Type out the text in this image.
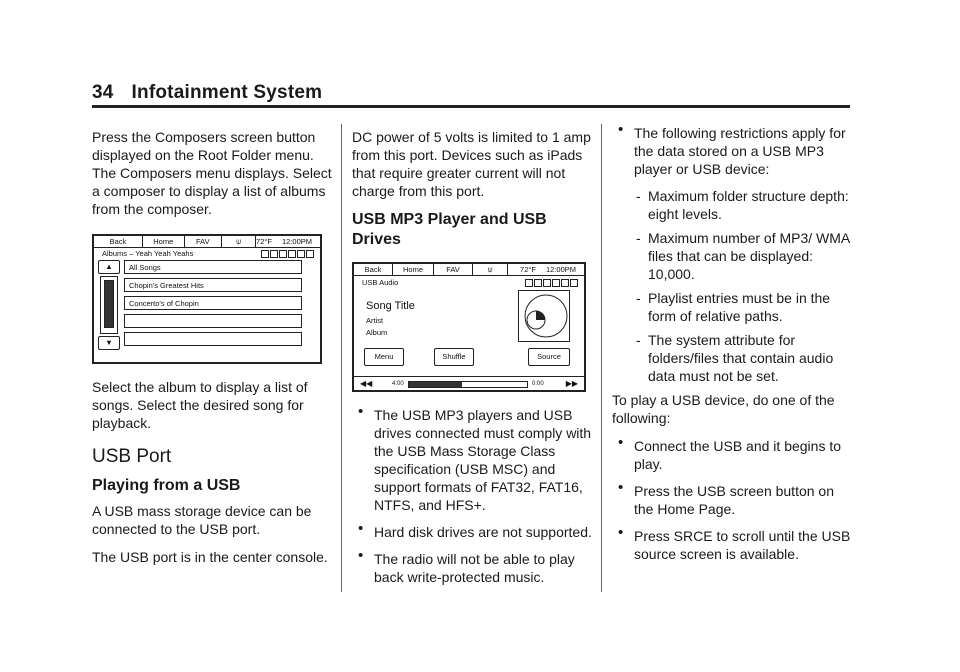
34 Infotainment System

Press the Composers screen button displayed on the Root Folder menu. The Composers menu displays. Select a composer to display a list of albums from the composer.

Back	Home	FAV	⍦	72°F 12:00PM
Albums – Yeah Yeah Yeahs
▲
▼
All Songs
Chopin's Greatest Hits
Concerto's of Chopin

Select the album to display a list of songs. Select the desired song for playback.

USB Port
Playing from a USB

A USB mass storage device can be connected to the USB port.

The USB port is in the center console.

DC power of 5 volts is limited to 1 amp from this port. Devices such as iPads that require greater current will not charge from this port.

USB MP3 Player and USB Drives
Back	Home	FAV	⍦	72°F 12:00PM
USB Audio
Song Title
Artist
Album
Menu	Shuffle	Source
◀◀	4:00	0:00	▶▶
• The USB MP3 players and USB drives connected must comply with the USB Mass Storage Class specification (USB MSC) and support formats of FAT32, FAT16, NTFS, and HFS+.
• Hard disk drives are not supported.
• The radio will not be able to play back write-protected music.
• The following restrictions apply for the data stored on a USB MP3 player or USB device:
- Maximum folder structure depth: eight levels.
- Maximum number of MP3/ WMA files that can be displayed: 10,000.
- Playlist entries must be in the form of relative paths.
- The system attribute for folders/files that contain audio data must not be set.

To play a USB device, do one of the following:

• Connect the USB and it begins to play.
• Press the USB screen button on the Home Page.
• Press SRCE to scroll until the USB source screen is available.
